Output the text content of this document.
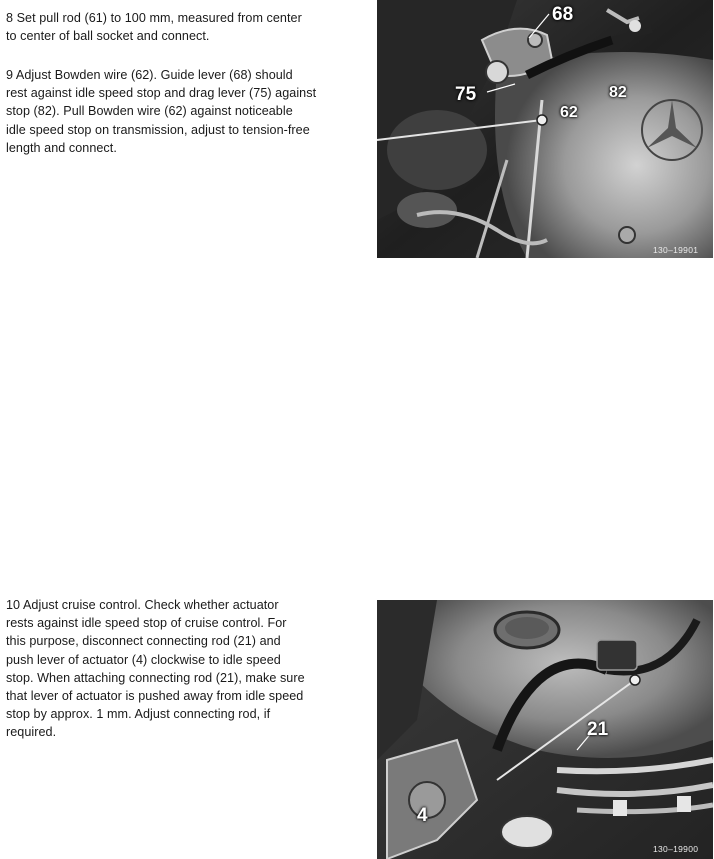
8 Set pull rod (61) to 100 mm, measured from center
to center of ball socket and connect.
9 Adjust Bowden wire (62). Guide lever (68) should
rest against idle speed stop and drag lever (75) against
stop (82). Pull Bowden wire (62) against noticeable
idle speed stop on transmission, adjust to tension-free
length and connect.
10 Adjust cruise control. Check whether actuator
rests against idle speed stop of cruise control. For
this purpose, disconnect connecting rod (21) and
push lever of actuator (4) clockwise to idle speed
stop. When attaching connecting rod (21), make sure
that lever of actuator is pushed away from idle speed
stop by approx. 1 mm. Adjust connecting rod, if
required.
68
75	82
62
130–19901
21
4
130–19900
